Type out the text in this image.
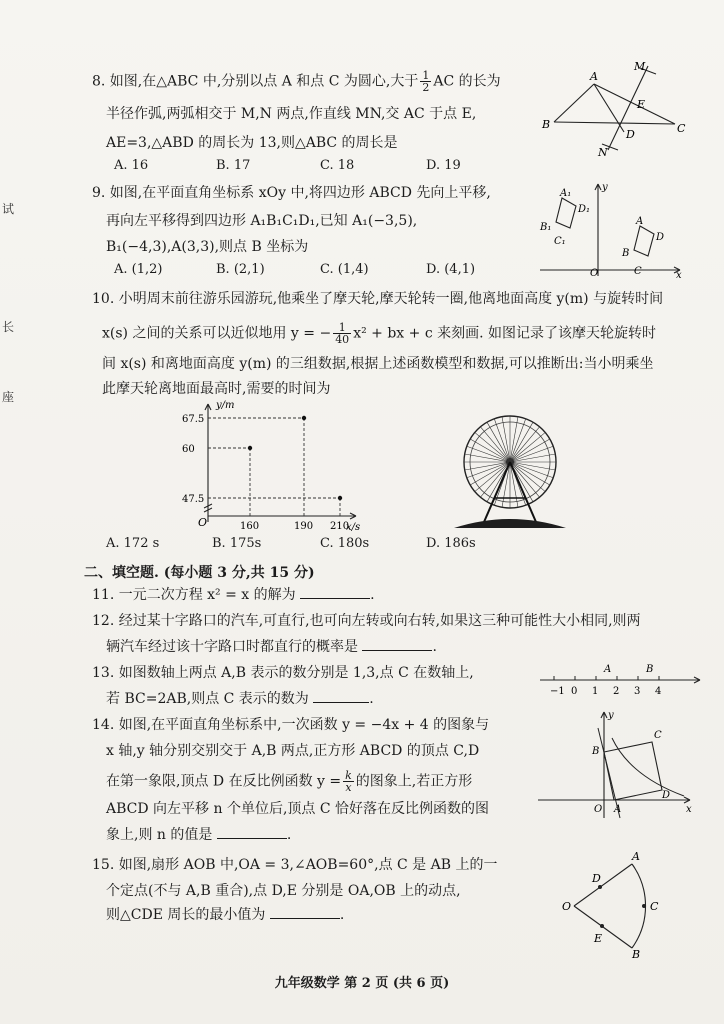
试
长
座
8. 如图,在△ABC 中,分别以点 A 和点 C 为圆心,大于 $\frac{1}{2}$ AC 的长为
半径作弧,两弧相交于 M,N 两点,作直线 MN,交 AC 于点 E,
AE=3,△ABD 的周长为 13,则△ABC 的周长是
A. 16	B. 17	C. 18	D. 19
A
B	C
D
E
M
N
9. 如图,在平面直角坐标系 xOy 中,将四边形 ABCD 先向上平移,
再向左平移得到四边形 A₁B₁C₁D₁,已知 A₁(−3,5),
B₁(−4,3),A(3,3),则点 B 坐标为
A. (1,2)	B. (2,1)	C. (1,4)	D. (4,1)
A₁
D₁
B₁
C₁
A
D
B
C
O	x
y
10. 小明周末前往游乐园游玩,他乘坐了摩天轮,摩天轮转一圈,他离地面高度 y(m) 与旋转时间
x(s) 之间的关系可以近似地用 y = − $\frac{1}{40} x^2$ + bx + c 来刻画. 如图记录了该摩天轮旋转时
间 x(s) 和离地面高度 y(m) 的三组数据,根据上述函数模型和数据,可以推断出:当小明乘坐
此摩天轮离地面最高时,需要的时间为
y/m
x/s
O	160	190 210
47.5
60
67.5
A. 172 s	B. 175s	C. 180s	D. 186s
二、填空题. (每小题 3 分,共 15 分)
11. 一元二次方程 x² = x 的解为	.
12. 经过某十字路口的汽车,可直行,也可向左转或向右转,如果这三种可能性大小相同,则两
辆汽车经过该十字路口时都直行的概率是	.
13. 如图数轴上两点 A,B 表示的数分别是 1,3,点 C 在数轴上,
若 BC=2AB,则点 C 表示的数为	.	−1 0 1 2 3 4
A	B
14. 如图,在平面直角坐标系中,一次函数 y = −4x + 4 的图象与
x 轴,y 轴分别交别交于 A,B 两点,正方形 ABCD 的顶点 C,D
在第一象限,顶点 D 在反比例函数 $y = \frac{k}{x}$ 的图象上,若正方形
ABCD 向左平移 n 个单位后,顶点 C 恰好落在反比例函数的图
象上,则 n 的值是	.
O A
B
C
D
x
y
15. 如图,扇形 AOB 中,OA = 3,∠AOB=60°,点 C 是 AB 上的一
个定点(不与 A,B 重合),点 D,E 分别是 OA,OB 上的动点,
则△CDE 周长的最小值为	.
O
A
B
C
D
E
九年级数学 第 2 页 (共 6 页)
